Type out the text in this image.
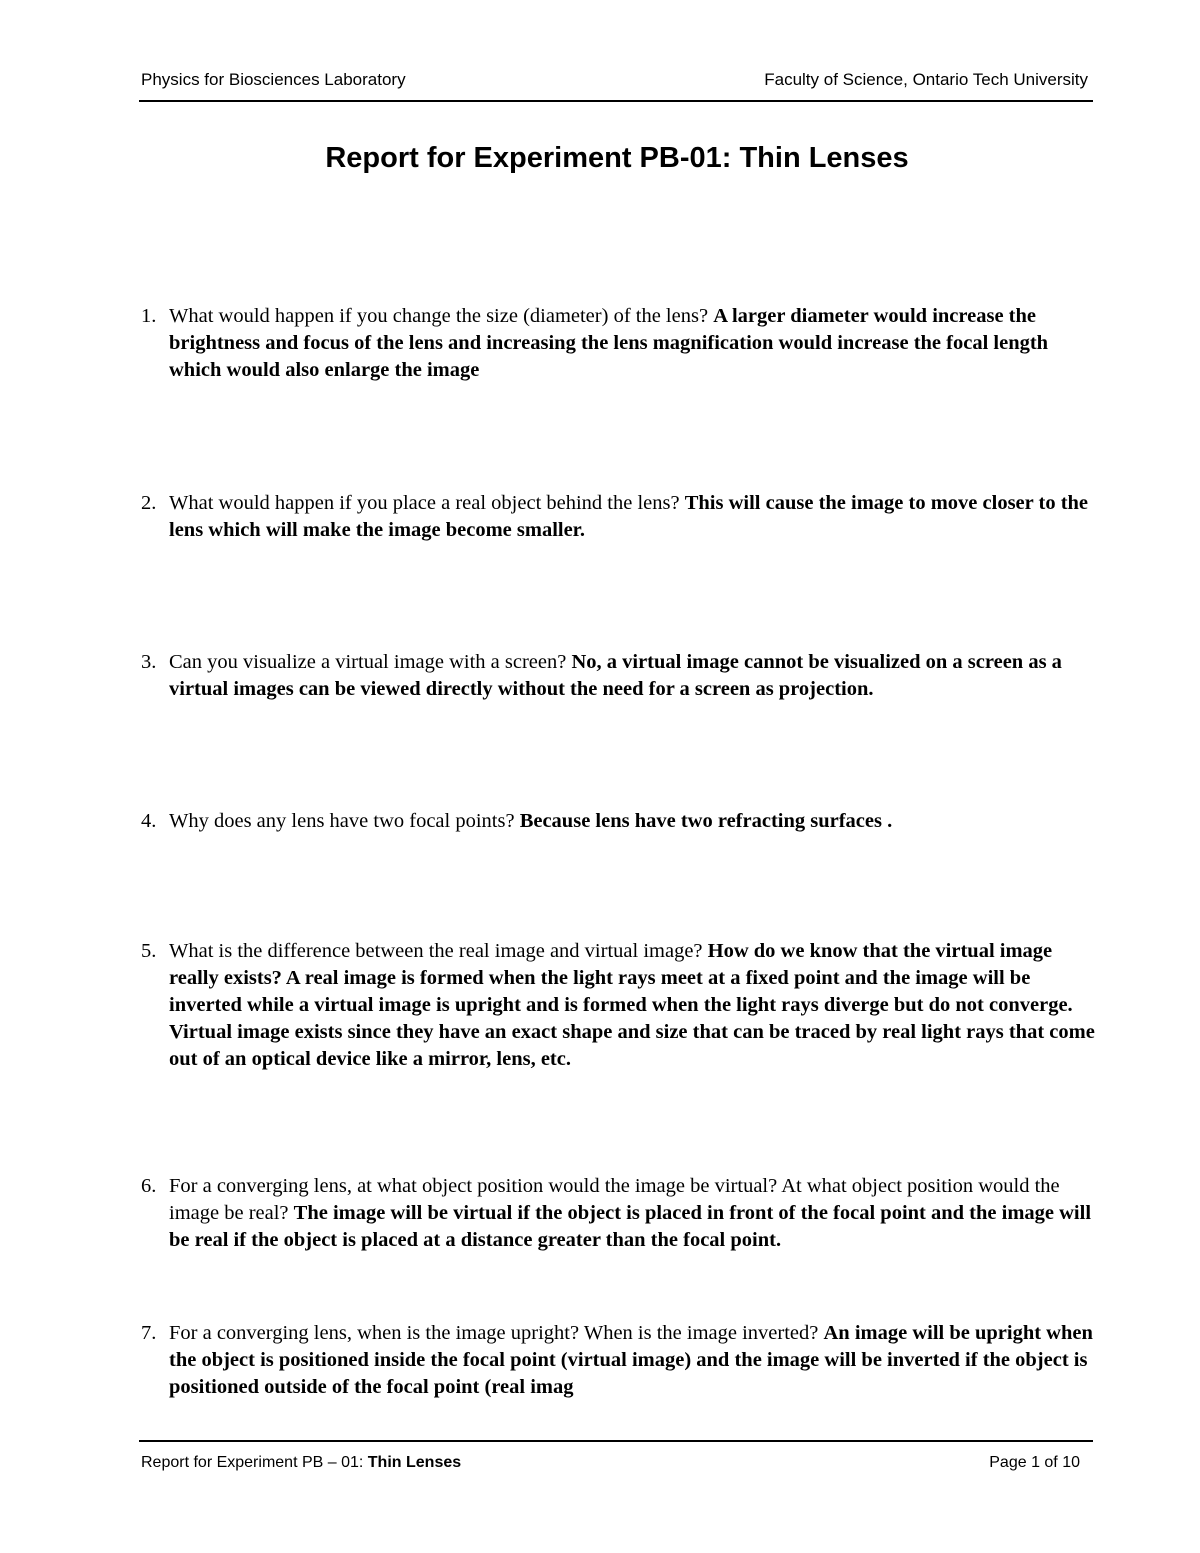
Physics for Biosciences Laboratory	Faculty of Science, Ontario Tech University
Report for Experiment PB-01: Thin Lenses
1. What would happen if you change the size (diameter) of the lens? A larger diameter would increase the brightness and focus of the lens and increasing the lens magnification would increase the focal length which would also enlarge the image
2. What would happen if you place a real object behind the lens? This will cause the image to move closer to the lens which will make the image become smaller.
3. Can you visualize a virtual image with a screen? No, a virtual image cannot be visualized on a screen as a virtual images can be viewed directly without the need for a screen as projection.
4. Why does any lens have two focal points? Because lens have two refracting surfaces .
5. What is the difference between the real image and virtual image? How do we know that the virtual image really exists? A real image is formed when the light rays meet at a fixed point and the image will be inverted while a virtual image is upright and is formed when the light rays diverge but do not converge. Virtual image exists since they have an exact shape and size that can be traced by real light rays that come out of an optical device like a mirror, lens, etc.
6. For a converging lens, at what object position would the image be virtual? At what object position would the image be real? The image will be virtual if the object is placed in front of the focal point and the image will be real if the object is placed at a distance greater than the focal point.
7. For a converging lens, when is the image upright? When is the image inverted? An image will be upright when the object is positioned inside the focal point (virtual image) and the image will be inverted if the object is positioned outside of the focal point (real imag
Report for Experiment PB – 01: Thin Lenses	Page 1 of 10
